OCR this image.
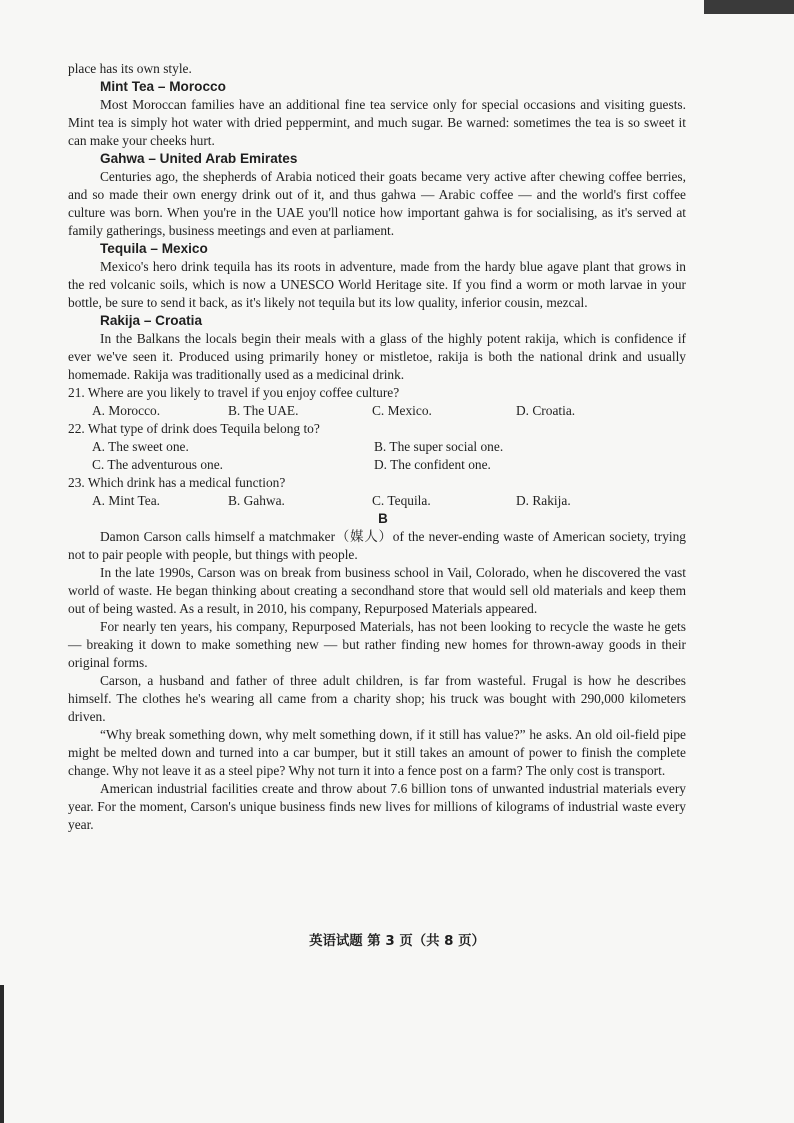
place has its own style.

Mint Tea – Morocco

Most Moroccan families have an additional fine tea service only for special occasions and visiting guests. Mint tea is simply hot water with dried peppermint, and much sugar. Be warned: sometimes the tea is so sweet it can make your cheeks hurt.

Gahwa – United Arab Emirates

Centuries ago, the shepherds of Arabia noticed their goats became very active after chewing coffee berries, and so made their own energy drink out of it, and thus gahwa — Arabic coffee — and the world's first coffee culture was born. When you're in the UAE you'll notice how important gahwa is for socialising, as it's served at family gatherings, business meetings and even at parliament.

Tequila – Mexico

Mexico's hero drink tequila has its roots in adventure, made from the hardy blue agave plant that grows in the red volcanic soils, which is now a UNESCO World Heritage site. If you find a worm or moth larvae in your bottle, be sure to send it back, as it's likely not tequila but its low quality, inferior cousin, mezcal.

Rakija – Croatia

In the Balkans the locals begin their meals with a glass of the highly potent rakija, which is confidence if ever we've seen it. Produced using primarily honey or mistletoe, rakija is both the national drink and usually homemade. Rakija was traditionally used as a medicinal drink.

21. Where are you likely to travel if you enjoy coffee culture?

A. Morocco.	B. The UAE.	C. Mexico.	D. Croatia.

22. What type of drink does Tequila belong to?

A. The sweet one.	B. The super social one.
C. The adventurous one.	D. The confident one.

23. Which drink has a medical function?

A. Mint Tea.	B. Gahwa.	C. Tequila.	D. Rakija.

B

Damon Carson calls himself a matchmaker（媒人）of the never-ending waste of American society, trying not to pair people with people, but things with people.

In the late 1990s, Carson was on break from business school in Vail, Colorado, when he discovered the vast world of waste. He began thinking about creating a secondhand store that would sell old materials and keep them out of being wasted. As a result, in 2010, his company, Repurposed Materials appeared.

For nearly ten years, his company, Repurposed Materials, has not been looking to recycle the waste he gets — breaking it down to make something new — but rather finding new homes for thrown-away goods in their original forms.

Carson, a husband and father of three adult children, is far from wasteful. Frugal is how he describes himself. The clothes he's wearing all came from a charity shop; his truck was bought with 290,000 kilometers driven.

“Why break something down, why melt something down, if it still has value?” he asks. An old oil-field pipe might be melted down and turned into a car bumper, but it still takes an amount of power to finish the complete change. Why not leave it as a steel pipe? Why not turn it into a fence post on a farm? The only cost is transport.

American industrial facilities create and throw about 7.6 billion tons of unwanted industrial materials every year. For the moment, Carson's unique business finds new lives for millions of kilograms of industrial waste every year.

英语试题 第 3 页（共 8 页）
